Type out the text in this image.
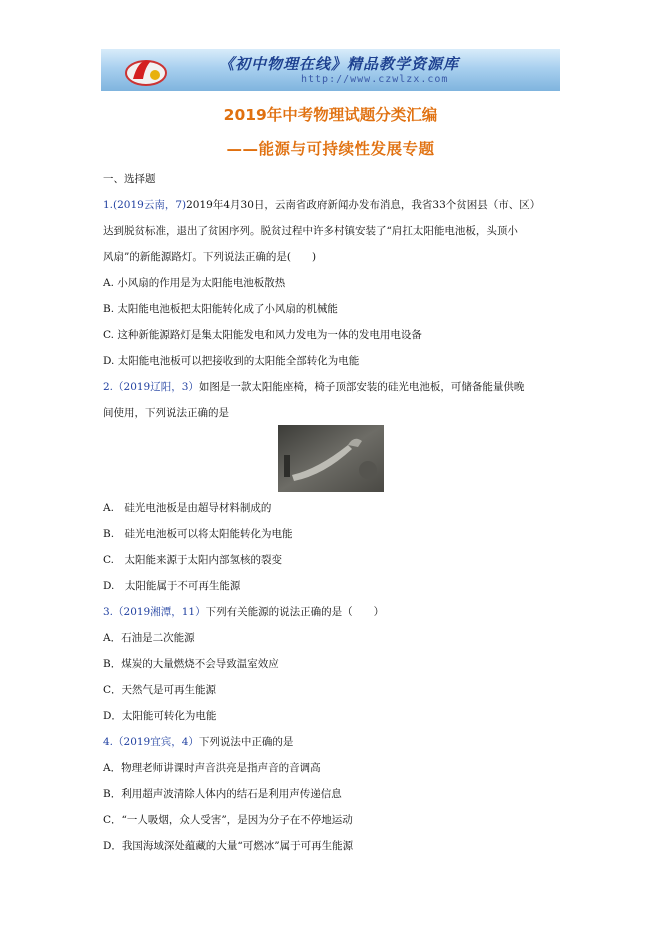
《初中物理在线》精品教学资源库
http://www.czwlzx.com
2019年中考物理试题分类汇编
——能源与可持续性发展专题
一、选择题
1.(2019云南，7)2019年4月30日，云南省政府新闻办发布消息，我省33个贫困县（市、区）
达到脱贫标准，退出了贫困序列。脱贫过程中许多村镇安装了“肩扛太阳能电池板，头顶小
风扇”的新能源路灯。下列说法正确的是(　　)
A. 小风扇的作用是为太阳能电池板散热
B. 太阳能电池板把太阳能转化成了小风扇的机械能
C. 这种新能源路灯是集太阳能发电和风力发电为一体的发电用电设备
D. 太阳能电池板可以把接收到的太阳能全部转化为电能
2.（2019辽阳，3）如图是一款太阳能座椅，椅子顶部安装的硅光电池板，可储备能量供晚
间使用，下列说法正确的是
A.　硅光电池板是由超导材料制成的
B.　硅光电池板可以将太阳能转化为电能
C.　太阳能来源于太阳内部氢核的裂变
D.　太阳能属于不可再生能源
3.（2019湘潭，11）下列有关能源的说法正确的是（　　）
A．石油是二次能源
B．煤炭的大量燃烧不会导致温室效应
C．天然气是可再生能源
D．太阳能可转化为电能
4.（2019宜宾，4）下列说法中正确的是
A．物理老师讲课时声音洪亮是指声音的音调高
B．利用超声波清除人体内的结石是利用声传递信息
C．“一人吸烟，众人受害”，是因为分子在不停地运动
D．我国海域深处蕴藏的大量“可燃冰”属于可再生能源
